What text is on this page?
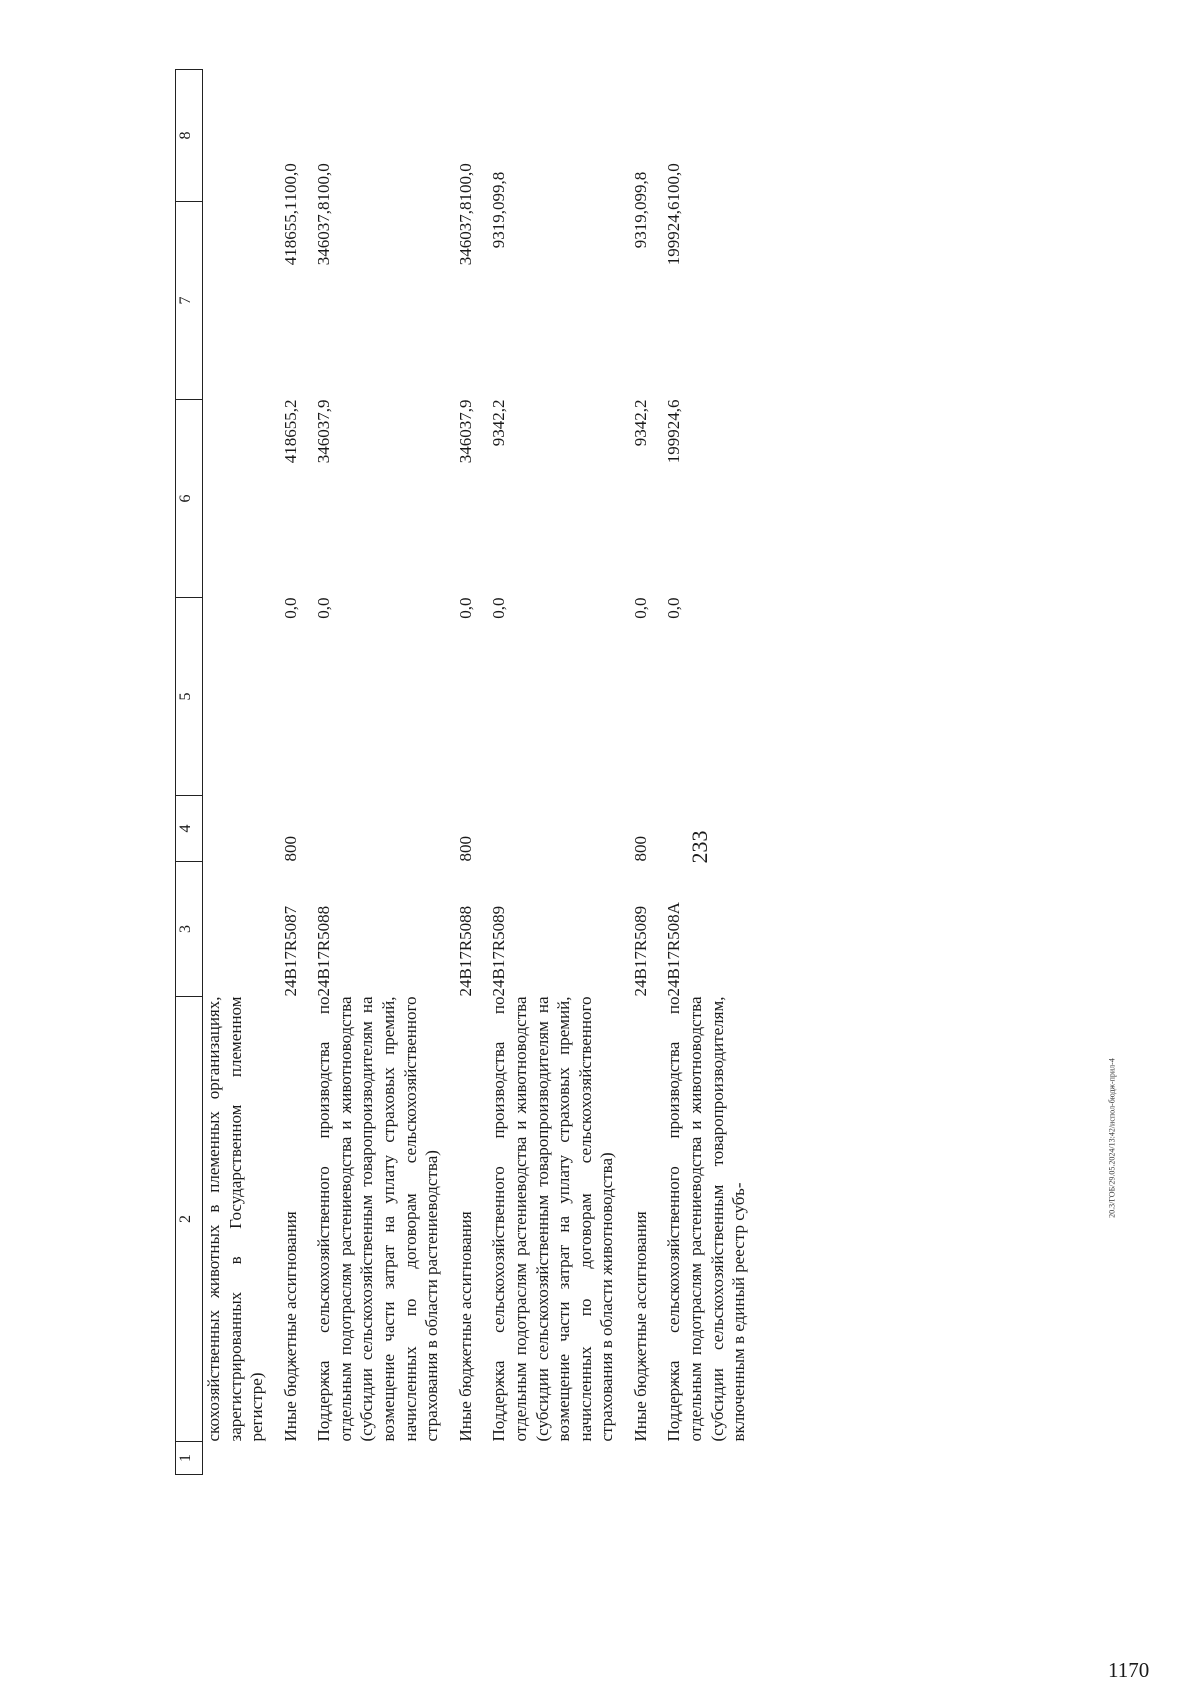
233
1	2	3	4	5	6	7	8
	скохозяйственных животных в племенных организациях, зарегистрированных в Государственном племенном регистре)						

	Иные бюджетные ассигнования	24В17R5087	800	0,0	418655,2	418655,1	100,0

	Поддержка сельскохозяйственного производства по отдельным подотраслям растениеводства и животноводства (субсидии сельскохозяйственным товаропроизводителям на возмещение части затрат на уплату страховых премий, начисленных по договорам сельскохозяйственного страхования в области растениеводства)	24В17R5088		0,0	346037,9	346037,8	100,0

	Иные бюджетные ассигнования	24В17R5088	800	0,0	346037,9	346037,8	100,0

	Поддержка сельскохозяйственного производства по отдельным подотраслям растениеводства и животноводства (субсидии сельскохозяйственным товаропроизводителям на возмещение части затрат на уплату страховых премий, начисленных по договорам сельскохозяйственного страхования в области животноводства)	24В17R5089		0,0	9342,2	9319,0	99,8

	Иные бюджетные ассигнования	24В17R5089	800	0,0	9342,2	9319,0	99,8

	Поддержка сельскохозяйственного производства по отдельным подотраслям растениеводства и животноводства (субсидии сельскохозяйственным товаропроизводителям, включенным в единый реестр субъ-	24В17R508А		0,0	199924,6	199924,6	100,0
20.3/ГОБ/29.05.2024/13:42/испол-бюдж-прил-4
1170
